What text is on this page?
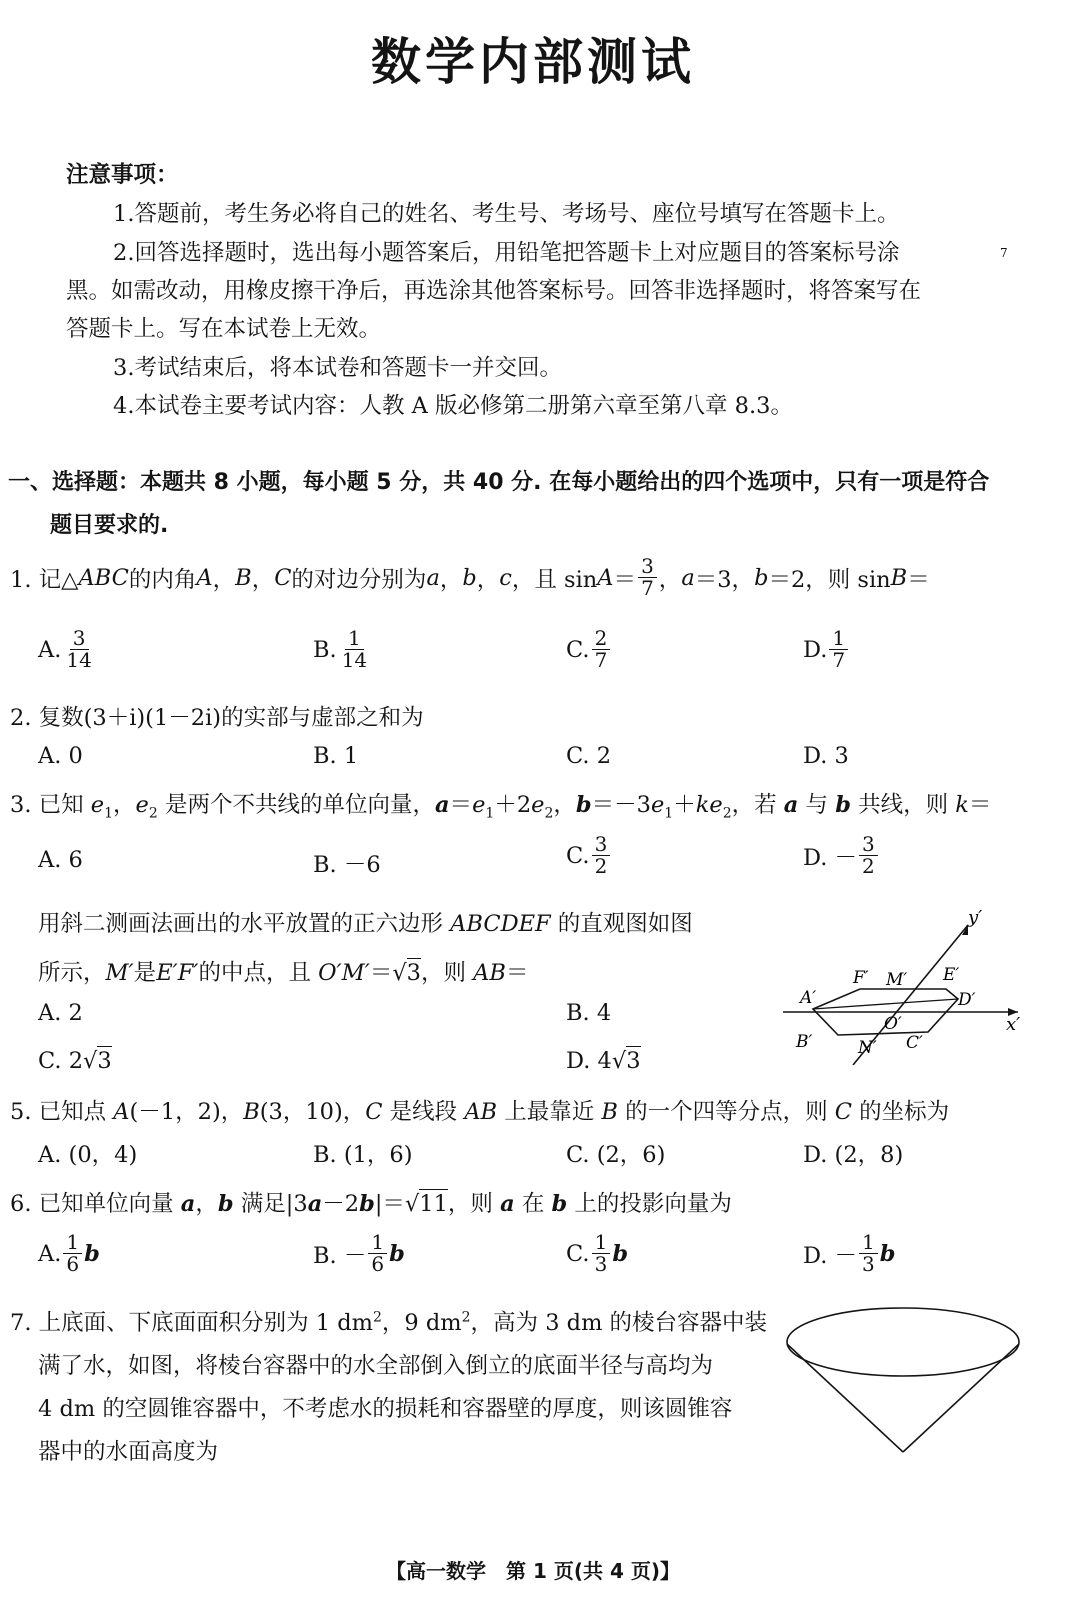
数学内部测试
注意事项：
1.答题前，考生务必将自己的姓名、考生号、考场号、座位号填写在答题卡上。
2.回答选择题时，选出每小题答案后，用铅笔把答题卡上对应题目的答案标号涂	7
黑。如需改动，用橡皮擦干净后，再选涂其他答案标号。回答非选择题时，将答案写在
答题卡上。写在本试卷上无效。
3.考试结束后，将本试卷和答题卡一并交回。
4.本试卷主要考试内容：人教 A 版必修第二册第六章至第八章 8.3。
一、选择题：本题共 8 小题，每小题 5 分，共 40 分. 在每小题给出的四个选项中，只有一项是符合
题目要求的.
1. 记△ ABC 的内角 A ， B ， C 的对边分别为 a ， b ， c ，且 $\sin A = \frac{3}{7}$ ， a ＝3， b ＝2，则 sin B ＝
A. $\frac{3}{14}$	B. $\frac{1}{14}$	C. $\frac{2}{7}$	D. $\frac{1}{7}$
2. 复数(3＋i)(1－2i)的实部与虚部之和为
A. 0	B. 1	C. 2	D. 3
3. 已知 $e_1$，$e_2$ 是两个不共线的单位向量，$a=e_1+2e_2$，$b=-3e_1+ke_2$，若 a 与 b 共线，则 k＝
A. 6	B. －6	C. $\frac{3}{2}$	D. － $\frac{3}{2}$
用斜二测画法画出的水平放置的正六边形 ABCDEF 的直观图如图
所示，M′是E′F′的中点，且 O′M′＝√3，则 AB＝
A. 2	B. 4
C. 2√3	D. 4√3
y′
x′
A′
B′	C′
D′
E′
F′ M′
N′
O′
5. 已知点 A(－1，2)，B(3，10)，C 是线段 AB 上最靠近 B 的一个四等分点，则 C 的坐标为
A. (0，4)	B. (1，6)	C. (2，6)	D. (2，8)
6. 已知单位向量 a，b 满足|3a－2b|＝√11，则 a 在 b 上的投影向量为
A. $\frac{1}{6}$ b	B. － $\frac{1}{6}$ b	C. $\frac{1}{3}$ b	D. － $\frac{1}{3}$ b
7. 上底面、下底面面积分别为 1 $dm^2$，9 $dm^2$，高为 3 dm 的棱台容器中装
满了水，如图，将棱台容器中的水全部倒入倒立的底面半径与高均为
4 dm 的空圆锥容器中，不考虑水的损耗和容器壁的厚度，则该圆锥容
器中的水面高度为
【高一数学　第 1 页(共 4 页)】
